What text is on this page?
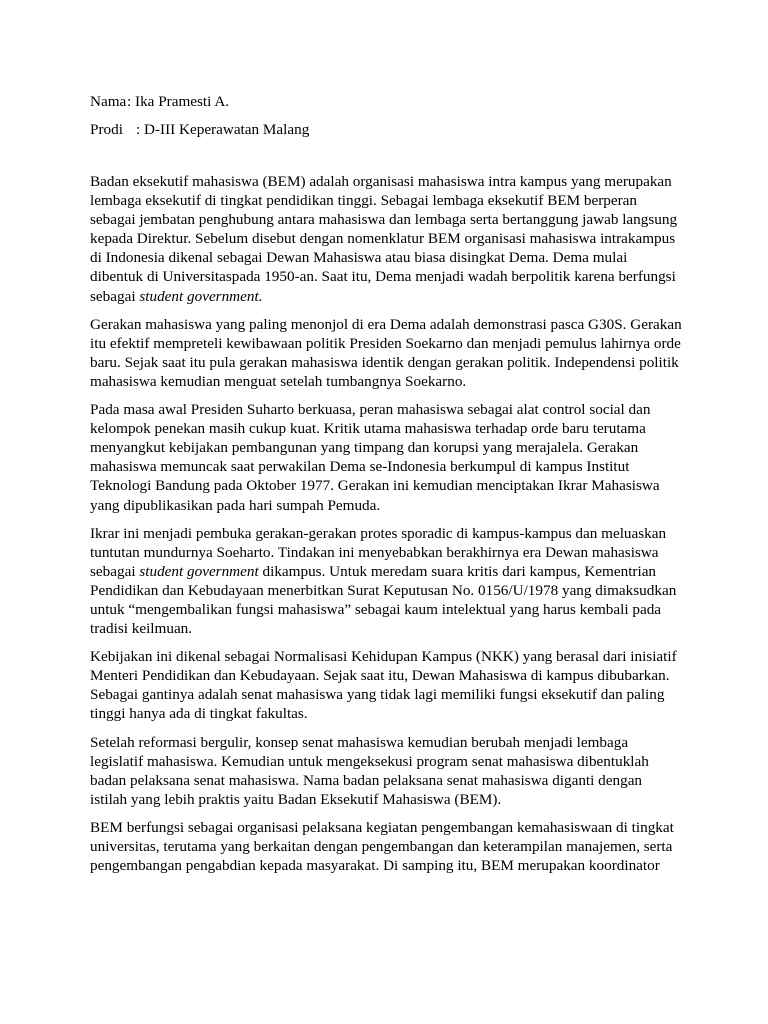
Nama: Ika Pramesti A.
Prodi : D-III Keperawatan Malang

Badan eksekutif mahasiswa (BEM) adalah organisasi mahasiswa intra kampus yang merupakan
lembaga eksekutif di tingkat pendidikan tinggi. Sebagai lembaga eksekutif BEM berperan
sebagai jembatan penghubung antara mahasiswa dan lembaga serta bertanggung jawab langsung
kepada Direktur. Sebelum disebut dengan nomenklatur BEM organisasi mahasiswa intrakampus
di Indonesia dikenal sebagai Dewan Mahasiswa atau biasa disingkat Dema. Dema mulai
dibentuk di Universitaspada 1950-an. Saat itu, Dema menjadi wadah berpolitik karena berfungsi
sebagai student government.

Gerakan mahasiswa yang paling menonjol di era Dema adalah demonstrasi pasca G30S. Gerakan
itu efektif mempreteli kewibawaan politik Presiden Soekarno dan menjadi pemulus lahirnya orde
baru. Sejak saat itu pula gerakan mahasiswa identik dengan gerakan politik. Independensi politik
mahasiswa kemudian menguat setelah tumbangnya Soekarno.

Pada masa awal Presiden Suharto berkuasa, peran mahasiswa sebagai alat control social dan
kelompok penekan masih cukup kuat. Kritik utama mahasiswa terhadap orde baru terutama
menyangkut kebijakan pembangunan yang timpang dan korupsi yang merajalela. Gerakan
mahasiswa memuncak saat perwakilan Dema se-Indonesia berkumpul di kampus Institut
Teknologi Bandung pada Oktober 1977. Gerakan ini kemudian menciptakan Ikrar Mahasiswa
yang dipublikasikan pada hari sumpah Pemuda.

Ikrar ini menjadi pembuka gerakan-gerakan protes sporadic di kampus-kampus dan meluaskan
tuntutan mundurnya Soeharto. Tindakan ini menyebabkan berakhirnya era Dewan mahasiswa
sebagai student government dikampus. Untuk meredam suara kritis dari kampus, Kementrian
Pendidikan dan Kebudayaan menerbitkan Surat Keputusan No. 0156/U/1978 yang dimaksudkan
untuk “mengembalikan fungsi mahasiswa” sebagai kaum intelektual yang harus kembali pada
tradisi keilmuan.

Kebijakan ini dikenal sebagai Normalisasi Kehidupan Kampus (NKK) yang berasal dari inisiatif
Menteri Pendidikan dan Kebudayaan. Sejak saat itu, Dewan Mahasiswa di kampus dibubarkan.
Sebagai gantinya adalah senat mahasiswa yang tidak lagi memiliki fungsi eksekutif dan paling
tinggi hanya ada di tingkat fakultas.

Setelah reformasi bergulir, konsep senat mahasiswa kemudian berubah menjadi lembaga
legislatif mahasiswa. Kemudian untuk mengeksekusi program senat mahasiswa dibentuklah
badan pelaksana senat mahasiswa. Nama badan pelaksana senat mahasiswa diganti dengan
istilah yang lebih praktis yaitu Badan Eksekutif Mahasiswa (BEM).

BEM berfungsi sebagai organisasi pelaksana kegiatan pengembangan kemahasiswaan di tingkat
universitas, terutama yang berkaitan dengan pengembangan dan keterampilan manajemen, serta
pengembangan pengabdian kepada masyarakat. Di samping itu, BEM merupakan koordinator
